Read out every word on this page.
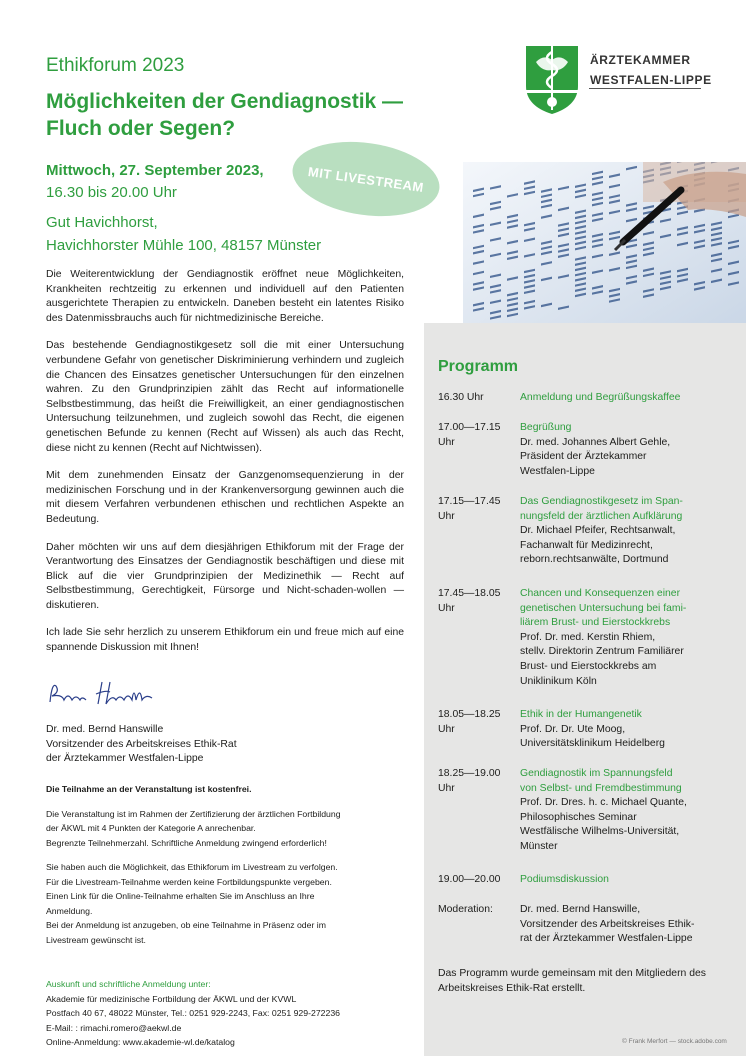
Ethikforum 2023
Möglichkeiten der Gendiagnostik —
Fluch oder Segen?
Mittwoch, 27. September 2023,
16.30 bis 20.00 Uhr
Gut Havichhorst,
Havichhorster Mühle 100, 48157 Münster
MIT LIVESTREAM
ÄRZTEKAMMER
WESTFALEN-LIPPE

Die Weiterentwicklung der Gendiagnostik eröffnet neue Möglichkeiten, Krankheiten rechtzeitig zu erkennen und individuell auf den Patienten ausgerichtete Therapien zu entwickeln. Daneben besteht ein latentes Risiko des Datenmissbrauchs auch für nichtmedizinische Bereiche.

Das bestehende Gendiagnostikgesetz soll die mit einer Untersuchung verbundene Gefahr von genetischer Diskriminierung verhindern und zugleich die Chancen des Einsatzes genetischer Untersuchungen für den einzelnen wahren. Zu den Grundprinzipien zählt das Recht auf informationelle Selbstbestimmung, das heißt die Freiwilligkeit, an einer gendiagnostischen Untersuchung teilzunehmen, und zugleich sowohl das Recht, die eigenen genetischen Befunde zu kennen (Recht auf Wissen) als auch das Recht, diese nicht zu kennen (Recht auf Nichtwissen).

Mit dem zunehmenden Einsatz der Ganzgenomsequenzierung in der medizinischen Forschung und in der Krankenversorgung gewinnen auch die mit diesem Verfahren verbundenen ethischen und rechtlichen Aspekte an Bedeutung.

Daher möchten wir uns auf dem diesjährigen Ethikforum mit der Frage der Verantwortung des Einsatzes der Gendiagnostik beschäftigen und diese mit Blick auf die vier Grundprinzipien der Medizinethik — Recht auf Selbstbestimmung, Gerechtigkeit, Fürsorge und Nicht-schaden-wollen — diskutieren.

Ich lade Sie sehr herzlich zu unserem Ethikforum ein und freue mich auf eine spannende Diskussion mit Ihnen!

Dr. med. Bernd Hanswille
Vorsitzender des Arbeitskreises Ethik-Rat
der Ärztekammer Westfalen-Lippe

Die Teilnahme an der Veranstaltung ist kostenfrei.

Die Veranstaltung ist im Rahmen der Zertifizierung der ärztlichen Fortbildung
der ÄKWL mit 4 Punkten der Kategorie A anrechenbar.
Begrenzte Teilnehmerzahl. Schriftliche Anmeldung zwingend erforderlich!

Sie haben auch die Möglichkeit, das Ethikforum im Livestream zu verfolgen.
Für die Livestream-Teilnahme werden keine Fortbildungspunkte vergeben.
Einen Link für die Online-Teilnahme erhalten Sie im Anschluss an Ihre
Anmeldung.
Bei der Anmeldung ist anzugeben, ob eine Teilnahme in Präsenz oder im
Livestream gewünscht ist.

Auskunft und schriftliche Anmeldung unter:
Akademie für medizinische Fortbildung der ÄKWL und der KVWL
Postfach 40 67, 48022 Münster, Tel.: 0251 929-2243, Fax: 0251 929-272236
E-Mail: : rimachi.romero@aekwl.de
Online-Anmeldung: www.akademie-wl.de/katalog
Programm
16.30 Uhr	Anmeldung und Begrüßungskaffee
17.00—17.15 Uhr
Begrüßung
Dr. med. Johannes Albert Gehle,
Präsident der Ärztekammer
Westfalen-Lippe
17.15—17.45 Uhr
Das Gendiagnostikgesetz im Span-
nungsfeld der ärztlichen Aufklärung
Dr. Michael Pfeifer, Rechtsanwalt,
Fachanwalt für Medizinrecht,
reborn.rechtsanwälte, Dortmund
17.45—18.05 Uhr
Chancen und Konsequenzen einer
genetischen Untersuchung bei fami-
liärem Brust- und Eierstockkrebs
Prof. Dr. med. Kerstin Rhiem,
stellv. Direktorin Zentrum Familiärer
Brust- und Eierstockkrebs am
Uniklinikum Köln
18.05—18.25 Uhr
Ethik in der Humangenetik
Prof. Dr. Dr. Ute Moog,
Universitätsklinikum Heidelberg
18.25—19.00 Uhr
Gendiagnostik im Spannungsfeld
von Selbst- und Fremdbestimmung
Prof. Dr. Dres. h. c. Michael Quante,
Philosophisches Seminar
Westfälische Wilhelms-Universität,
Münster
19.00—20.00	Podiumsdiskussion
Moderation:	Dr. med. Bernd Hanswille,
Vorsitzender des Arbeitskreises Ethik-
rat der Ärztekammer Westfalen-Lippe
Das Programm wurde gemeinsam mit den Mitgliedern des Arbeitskreises Ethik-Rat erstellt.
© Frank Merfort — stock.adobe.com
